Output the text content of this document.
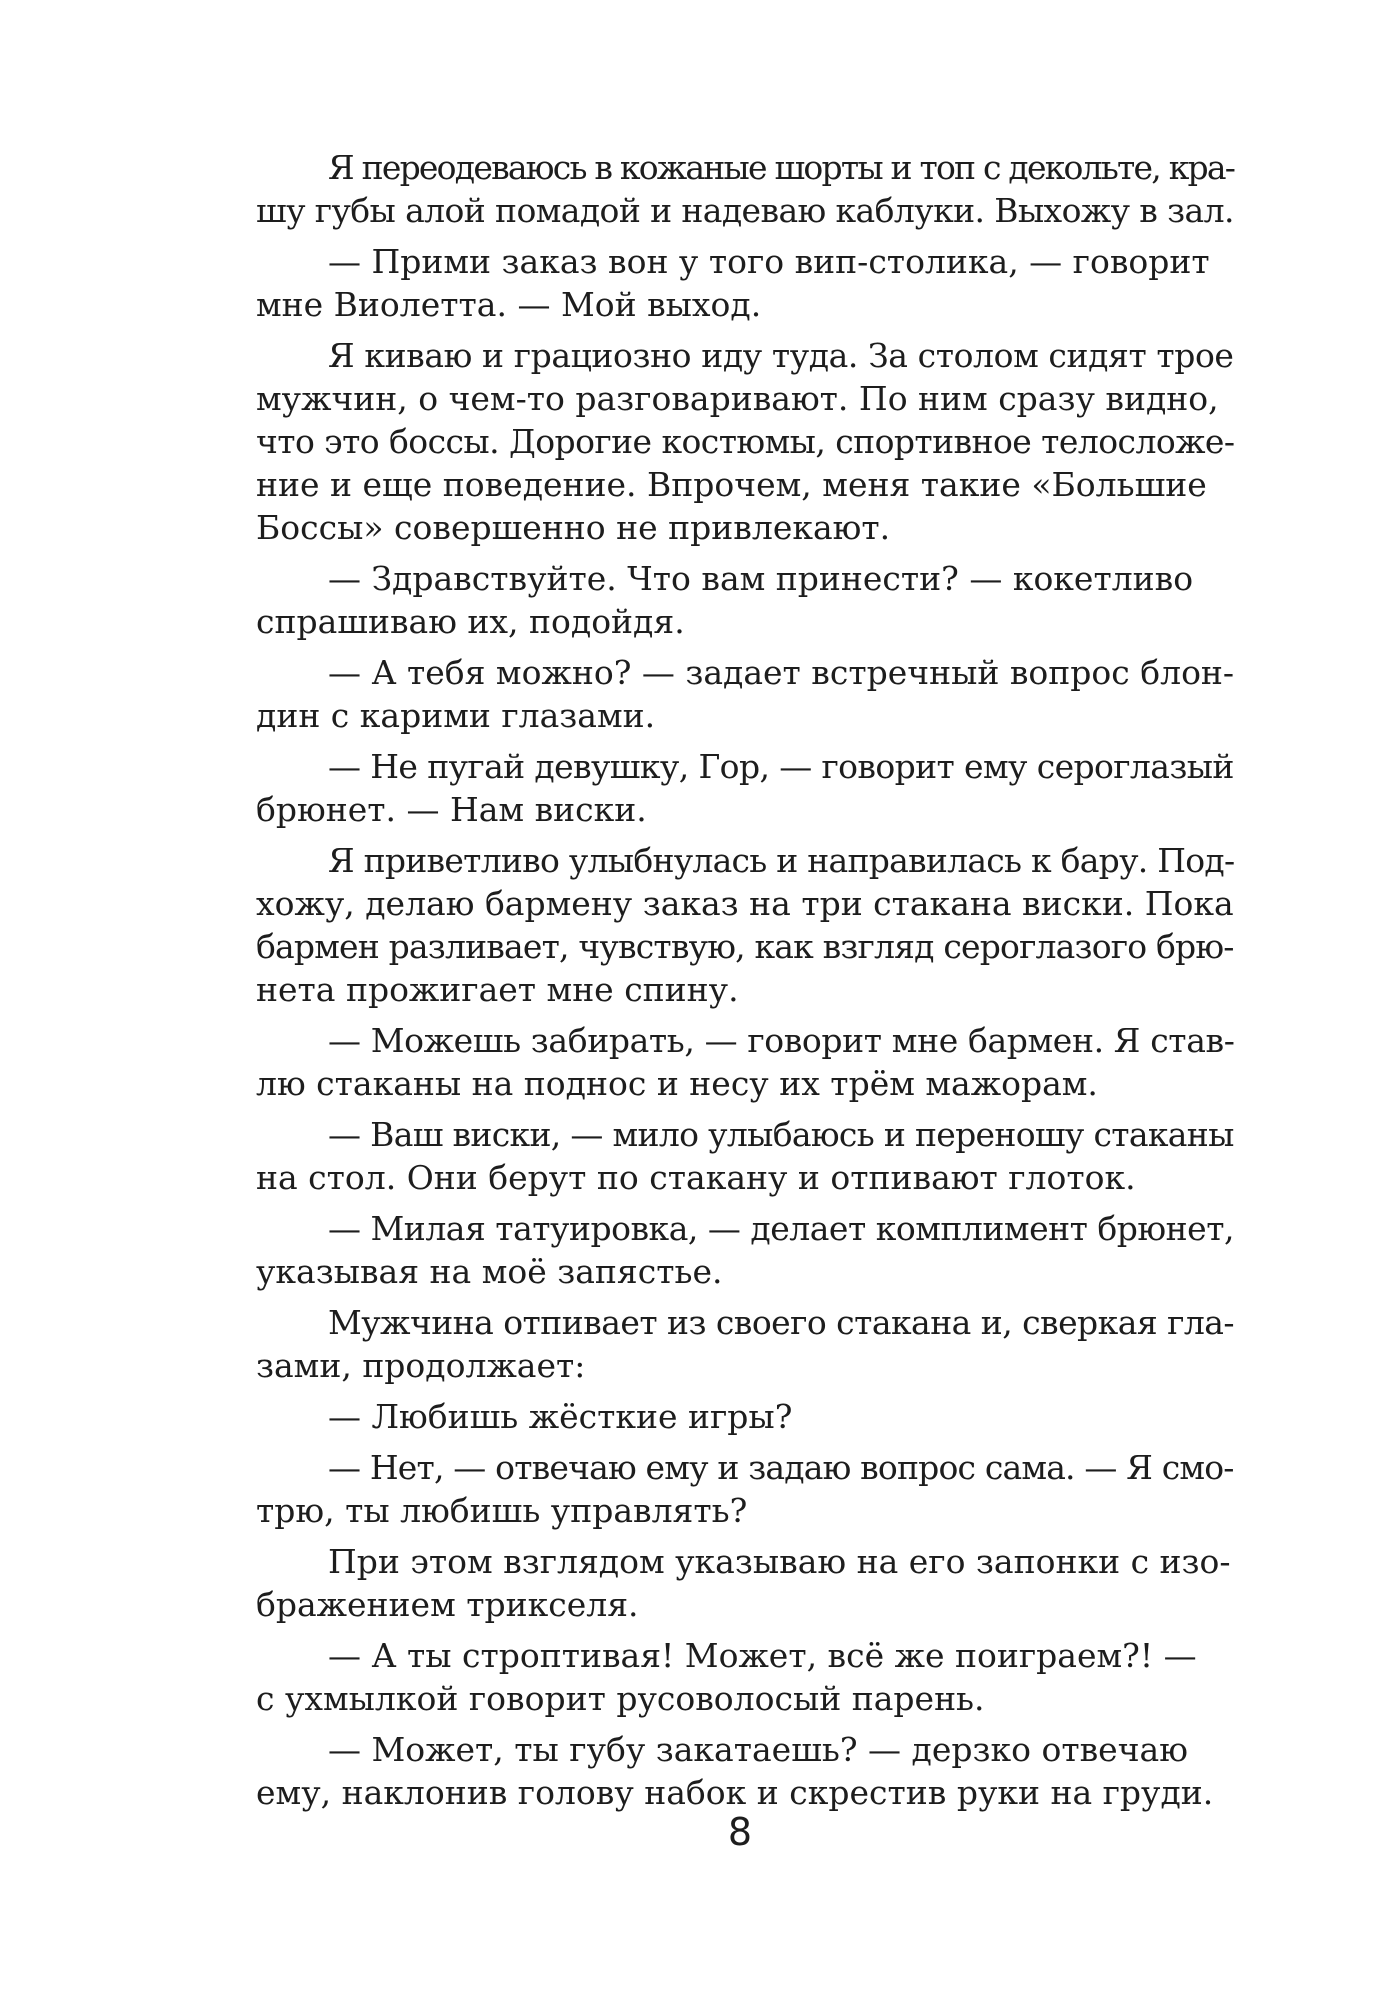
Я переодеваюсь в кожаные шорты и топ с декольте, кра-
шу губы алой помадой и надеваю каблуки. Выхожу в зал.
— Прими заказ вон у того вип-столика, — говорит
мне Виолетта. — Мой выход.
Я киваю и грациозно иду туда. За столом сидят трое
мужчин, о чем-то разговаривают. По ним сразу видно,
что это боссы. Дорогие костюмы, спортивное телосложе-
ние и еще поведение. Впрочем, меня такие «Большие
Боссы» совершенно не привлекают.
— Здравствуйте. Что вам принести? — кокетливо
спрашиваю их, подойдя.
— А тебя можно? — задает встречный вопрос блон-
дин с карими глазами.
— Не пугай девушку, Гор, — говорит ему сероглазый
брюнет. — Нам виски.
Я приветливо улыбнулась и направилась к бару. Под-
хожу, делаю бармену заказ на три стакана виски. Пока
бармен разливает, чувствую, как взгляд сероглазого брю-
нета прожигает мне спину.
— Можешь забирать, — говорит мне бармен. Я став-
лю стаканы на поднос и несу их трём мажорам.
— Ваш виски, — мило улыбаюсь и переношу стаканы
на стол. Они берут по стакану и отпивают глоток.
— Милая татуировка, — делает комплимент брюнет,
указывая на моё запястье.
Мужчина отпивает из своего стакана и, сверкая гла-
зами, продолжает:
— Любишь жёсткие игры?
— Нет, — отвечаю ему и задаю вопрос сама. — Я смо-
трю, ты любишь управлять?
При этом взглядом указываю на его запонки с изо-
бражением трикселя.
— А ты строптивая! Может, всё же поиграем?! —
с ухмылкой говорит русоволосый парень.
— Может, ты губу закатаешь? — дерзко отвечаю
ему, наклонив голову набок и скрестив руки на груди.
8
